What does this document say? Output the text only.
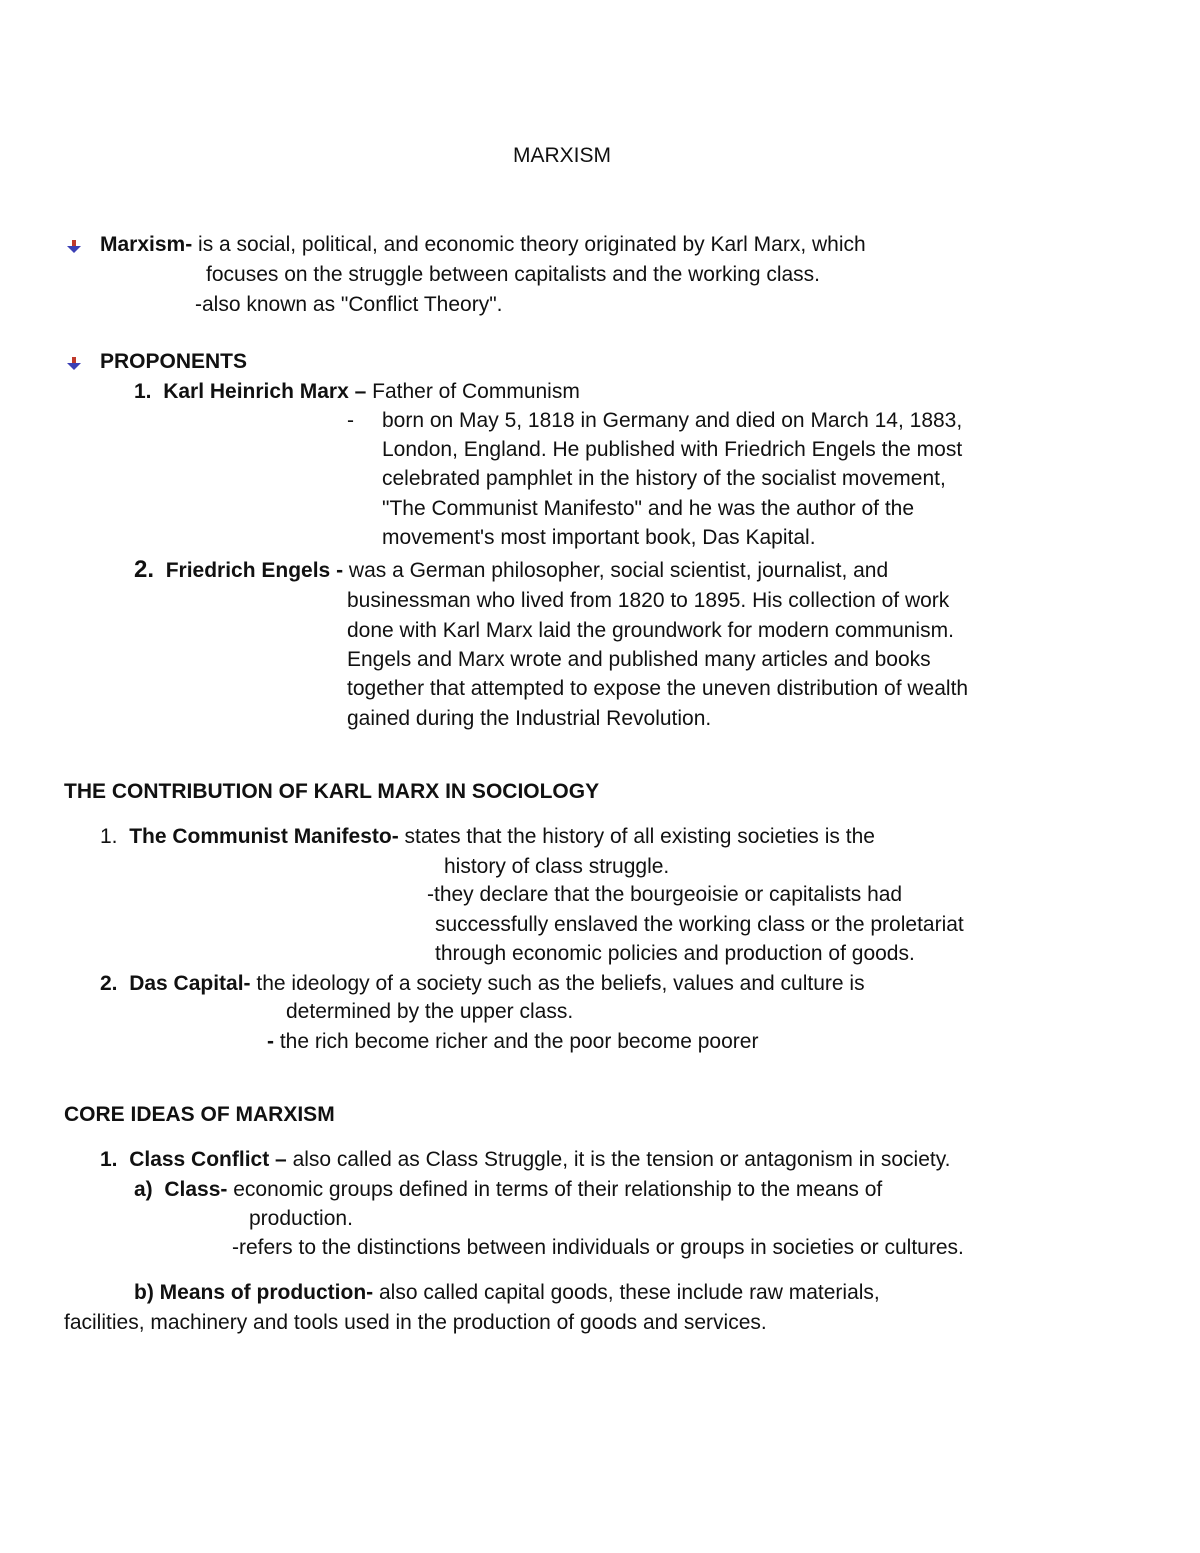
MARXISM
Marxism- is a social, political, and economic theory originated by Karl Marx, which
focuses on the struggle between capitalists and the working class.
-also known as "Conflict Theory".
PROPONENTS
1. Karl Heinrich Marx – Father of Communism
- born on May 5, 1818 in Germany and died on March 14, 1883,
London, England. He published with Friedrich Engels the most
celebrated pamphlet in the history of the socialist movement,
"The Communist Manifesto" and he was the author of the
movement's most important book, Das Kapital.
2. Friedrich Engels - was a German philosopher, social scientist, journalist, and
businessman who lived from 1820 to 1895. His collection of work
done with Karl Marx laid the groundwork for modern communism.
Engels and Marx wrote and published many articles and books
together that attempted to expose the uneven distribution of wealth
gained during the Industrial Revolution.
THE CONTRIBUTION OF KARL MARX IN SOCIOLOGY
1. The Communist Manifesto- states that the history of all existing societies is the
history of class struggle.
-they declare that the bourgeoisie or capitalists had
successfully enslaved the working class or the proletariat
through economic policies and production of goods.
2. Das Capital- the ideology of a society such as the beliefs, values and culture is
determined by the upper class.
- the rich become richer and the poor become poorer
CORE IDEAS OF MARXISM
1. Class Conflict – also called as Class Struggle, it is the tension or antagonism in society.
a) Class- economic groups defined in terms of their relationship to the means of
production.
-refers to the distinctions between individuals or groups in societies or cultures.
b) Means of production- also called capital goods, these include raw materials,
facilities, machinery and tools used in the production of goods and services.
